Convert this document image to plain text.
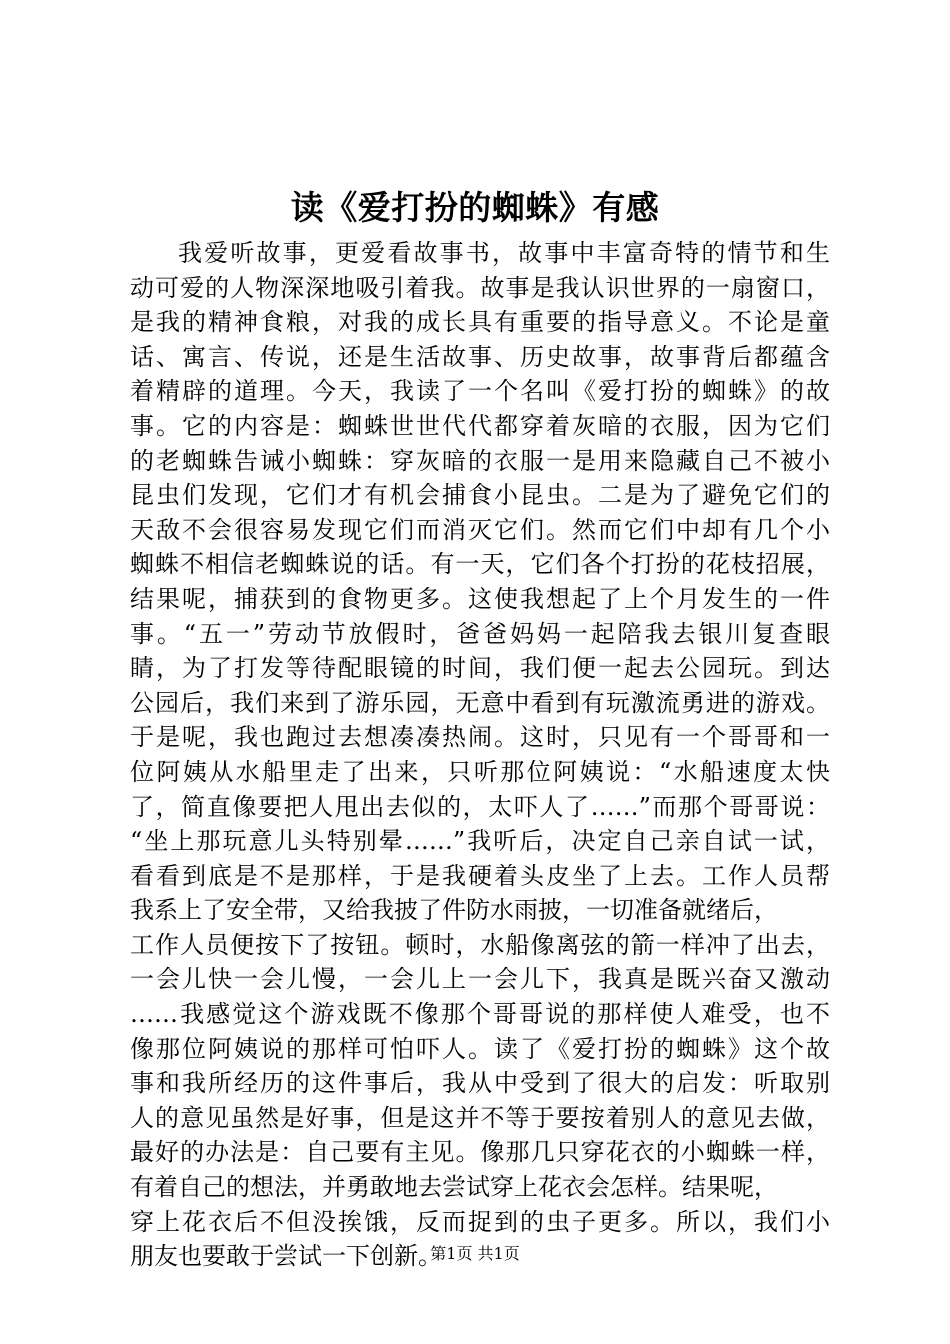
读《爱打扮的蜘蛛》有感
我爱听故事，更爱看故事书，故事中丰富奇特的情节和生
动可爱的人物深深地吸引着我。故事是我认识世界的一扇窗口，
是我的精神食粮，对我的成长具有重要的指导意义。不论是童
话、寓言、传说，还是生活故事、历史故事，故事背后都蕴含
着精辟的道理。今天，我读了一个名叫《爱打扮的蜘蛛》的故
事。它的内容是：蜘蛛世世代代都穿着灰暗的衣服，因为它们
的老蜘蛛告诫小蜘蛛：穿灰暗的衣服一是用来隐藏自己不被小
昆虫们发现，它们才有机会捕食小昆虫。二是为了避免它们的
天敌不会很容易发现它们而消灭它们。然而它们中却有几个小
蜘蛛不相信老蜘蛛说的话。有一天，它们各个打扮的花枝招展，
结果呢，捕获到的食物更多。这使我想起了上个月发生的一件
事。“五一”劳动节放假时，爸爸妈妈一起陪我去银川复查眼
睛，为了打发等待配眼镜的时间，我们便一起去公园玩。到达
公园后，我们来到了游乐园，无意中看到有玩激流勇进的游戏。
于是呢，我也跑过去想凑凑热闹。这时，只见有一个哥哥和一
位阿姨从水船里走了出来，只听那位阿姨说：“水船速度太快
了，简直像要把人甩出去似的，太吓人了……”而那个哥哥说：
“坐上那玩意儿头特别晕……”我听后，决定自己亲自试一试，
看看到底是不是那样，于是我硬着头皮坐了上去。工作人员帮
我系上了安全带，又给我披了件防水雨披，一切准备就绪后，
工作人员便按下了按钮。顿时，水船像离弦的箭一样冲了出去，
一会儿快一会儿慢，一会儿上一会儿下，我真是既兴奋又激动
……我感觉这个游戏既不像那个哥哥说的那样使人难受，也不
像那位阿姨说的那样可怕吓人。读了《爱打扮的蜘蛛》这个故
事和我所经历的这件事后，我从中受到了很大的启发：听取别
人的意见虽然是好事，但是这并不等于要按着别人的意见去做，
最好的办法是：自己要有主见。像那几只穿花衣的小蜘蛛一样，
有着自己的想法，并勇敢地去尝试穿上花衣会怎样。结果呢，
穿上花衣后不但没挨饿，反而捉到的虫子更多。所以，我们小
朋友也要敢于尝试一下创新。
第1页 共1页
